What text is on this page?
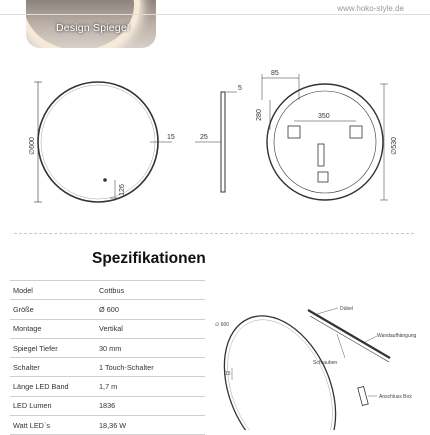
Design Spiegel
www.hoko-style.de
∅600	15
126
5
25
85
280	350
∅530
Spezifikationen
Model	Cottbus
Größe	Ø 600
Montage	Vertikal
Spiegel Tiefer	30 mm
Schalter	1 Touch-Schalter
Länge LED Band	1,7 m
LED Lumen	1836
Watt LED`s	18,36 W
∅ 600
Dübel
Wandaufhängung
Schrauben
Anschluss Box
15
